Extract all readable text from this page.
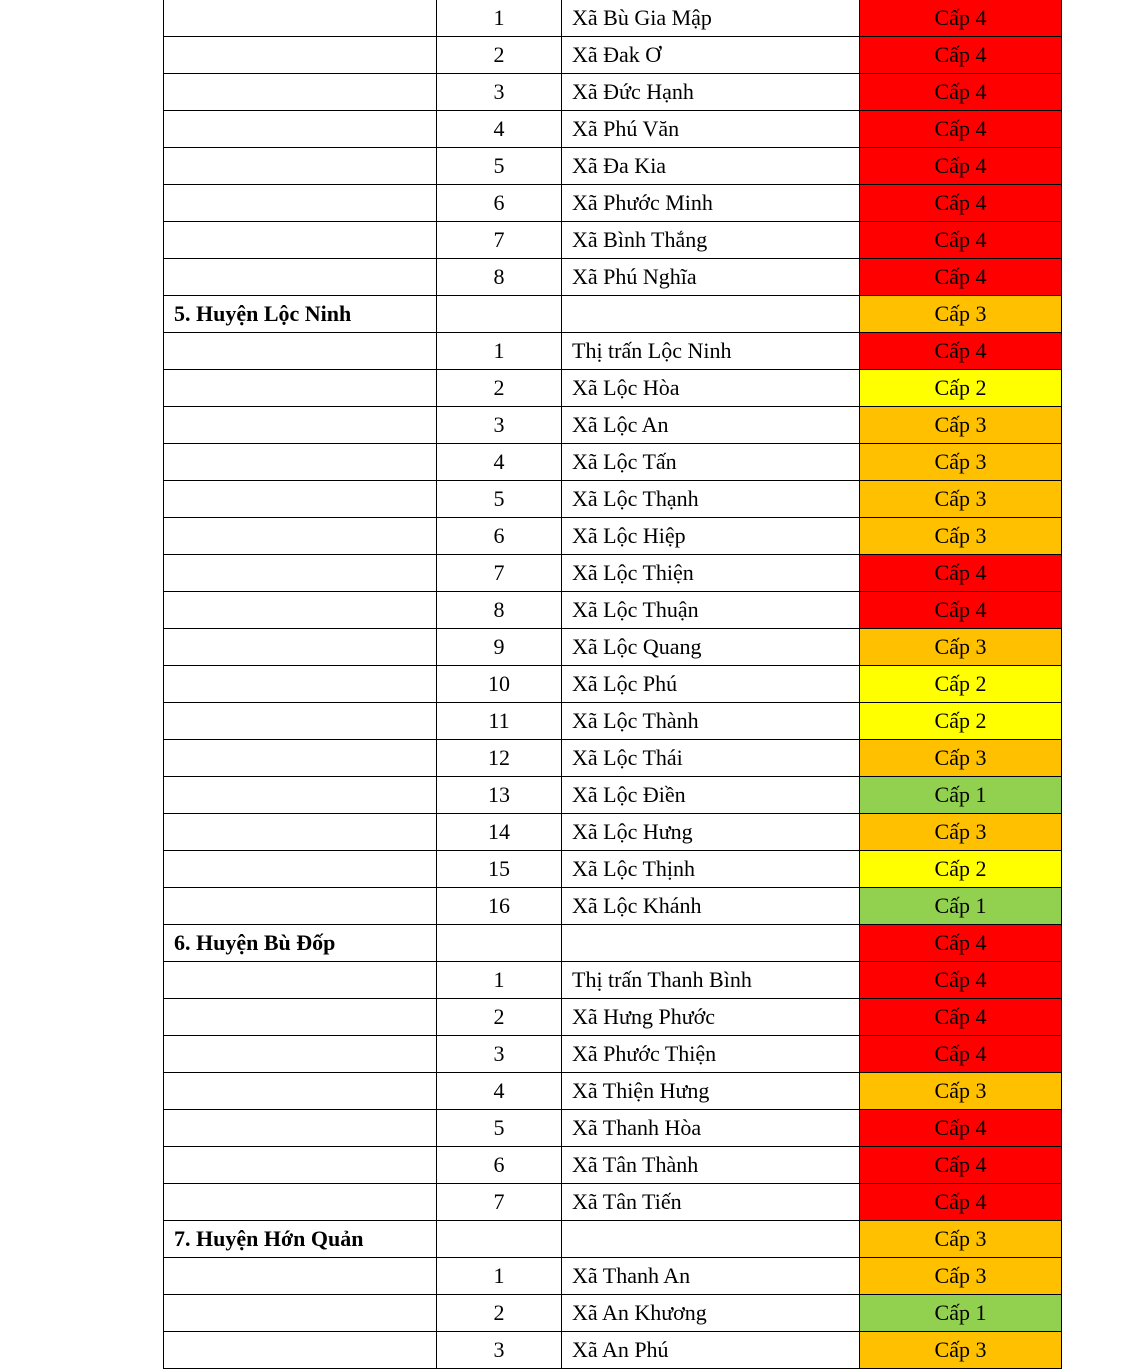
	1	Xã Bù Gia Mập	Cấp 4
	2	Xã Đak Ơ	Cấp 4
	3	Xã Đức Hạnh	Cấp 4
	4	Xã Phú Văn	Cấp 4
	5	Xã Đa Kia	Cấp 4
	6	Xã Phước Minh	Cấp 4
	7	Xã Bình Thắng	Cấp 4
	8	Xã Phú Nghĩa	Cấp 4
5. Huyện Lộc Ninh			Cấp 3
	1	Thị trấn Lộc Ninh	Cấp 4
	2	Xã Lộc Hòa	Cấp 2
	3	Xã Lộc An	Cấp 3
	4	Xã Lộc Tấn	Cấp 3
	5	Xã Lộc Thạnh	Cấp 3
	6	Xã Lộc Hiệp	Cấp 3
	7	Xã Lộc Thiện	Cấp 4
	8	Xã Lộc Thuận	Cấp 4
	9	Xã Lộc Quang	Cấp 3
	10	Xã Lộc Phú	Cấp 2
	11	Xã Lộc Thành	Cấp 2
	12	Xã Lộc Thái	Cấp 3
	13	Xã Lộc Điền	Cấp 1
	14	Xã Lộc Hưng	Cấp 3
	15	Xã Lộc Thịnh	Cấp 2
	16	Xã Lộc Khánh	Cấp 1
6. Huyện Bù Đốp			Cấp 4
	1	Thị trấn Thanh Bình	Cấp 4
	2	Xã Hưng Phước	Cấp 4
	3	Xã Phước Thiện	Cấp 4
	4	Xã Thiện Hưng	Cấp 3
	5	Xã Thanh Hòa	Cấp 4
	6	Xã Tân Thành	Cấp 4
	7	Xã Tân Tiến	Cấp 4
7. Huyện Hớn Quản			Cấp 3
	1	Xã Thanh An	Cấp 3
	2	Xã An Khương	Cấp 1
	3	Xã An Phú	Cấp 3
